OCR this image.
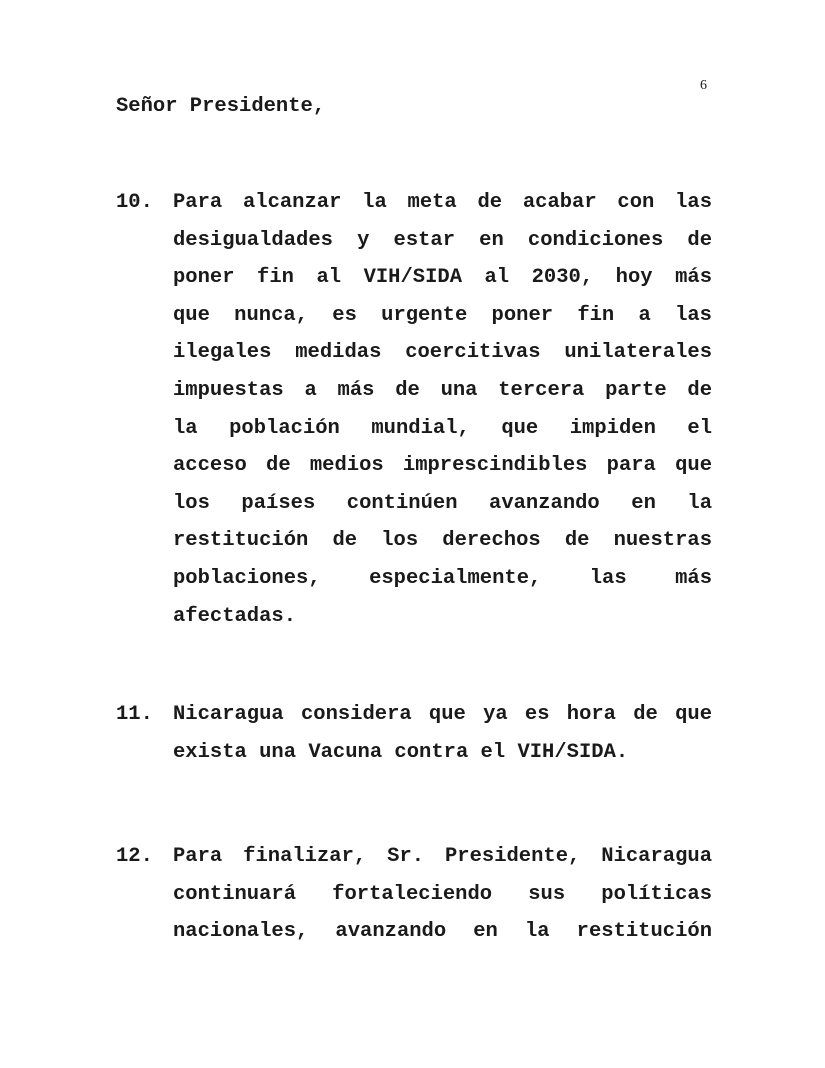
6
Señor Presidente,
10. Para alcanzar la meta de acabar con las
desigualdades y estar en condiciones de
poner fin al VIH/SIDA al 2030, hoy más
que nunca, es urgente poner fin a las
ilegales medidas coercitivas unilaterales
impuestas a más de una tercera parte de
la población mundial, que impiden el
acceso de medios imprescindibles para que
los países continúen avanzando en la
restitución de los derechos de nuestras
poblaciones, especialmente, las más
afectadas.
11. Nicaragua considera que ya es hora de que
exista una Vacuna contra el VIH/SIDA.
12. Para finalizar, Sr. Presidente, Nicaragua
continuará fortaleciendo sus políticas
nacionales, avanzando en la restitución
